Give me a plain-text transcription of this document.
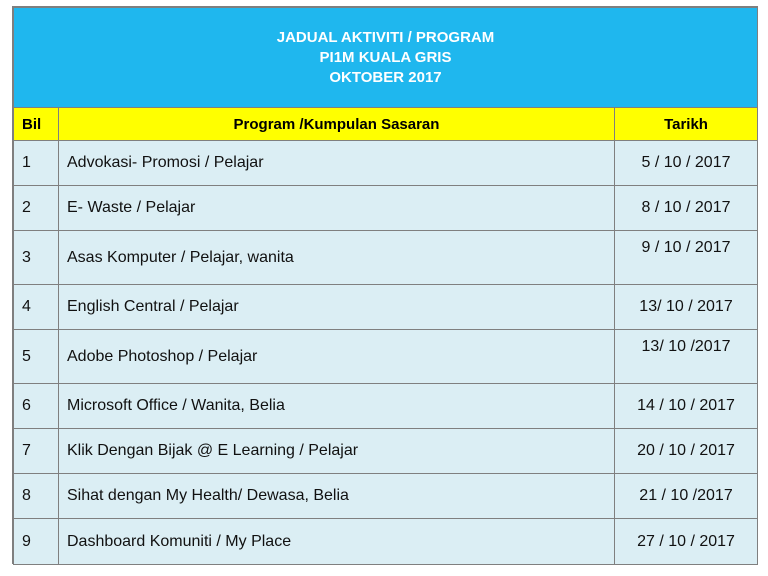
JADUAL AKTIVITI / PROGRAM
PI1M KUALA GRIS
OKTOBER 2017		

Bil	Program /Kumpulan Sasaran	Tarikh
1	Advokasi- Promosi / Pelajar	5 / 10 / 2017
2	E- Waste / Pelajar	8 / 10 / 2017
3	Asas Komputer / Pelajar, wanita	9 / 10 / 2017
4	English Central / Pelajar	13/ 10 / 2017
5	Adobe Photoshop / Pelajar	13/ 10 /2017
6	Microsoft Office / Wanita, Belia	14 / 10 / 2017
7	Klik Dengan Bijak @ E Learning / Pelajar	20 / 10 / 2017
8	Sihat dengan My Health/ Dewasa, Belia	21 / 10 /2017
9	Dashboard Komuniti / My Place	27 / 10 / 2017
